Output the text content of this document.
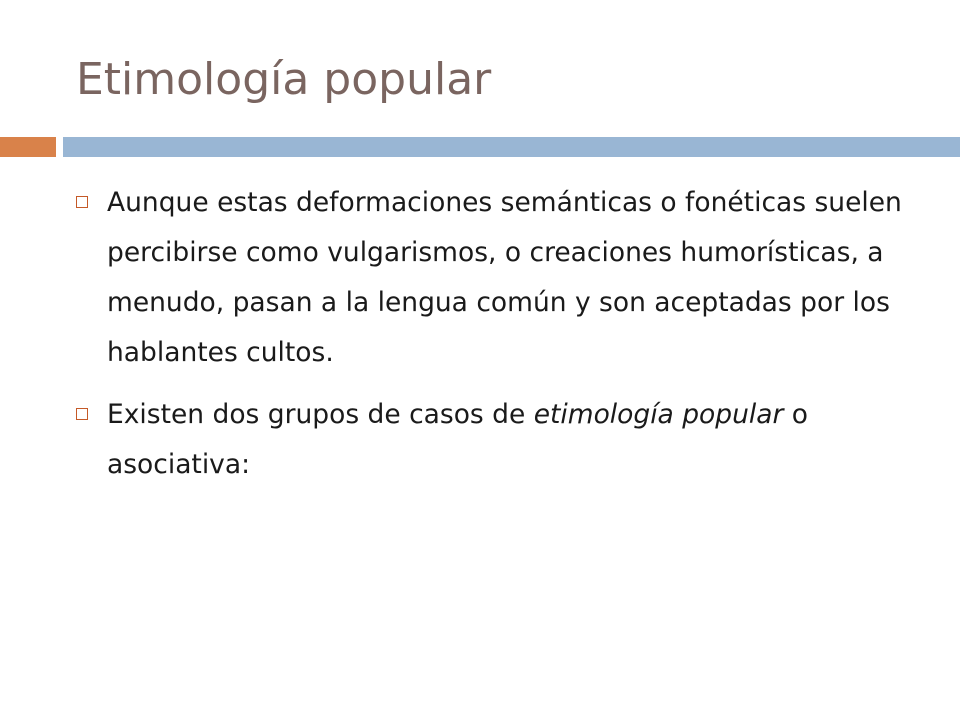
Etimología popular
Aunque estas deformaciones semánticas o fonéticas suelen percibirse como vulgarismos, o creaciones humorísticas, a menudo, pasan a la lengua común y son aceptadas por los hablantes cultos.
Existen dos grupos de casos de etimología popular o asociativa:
